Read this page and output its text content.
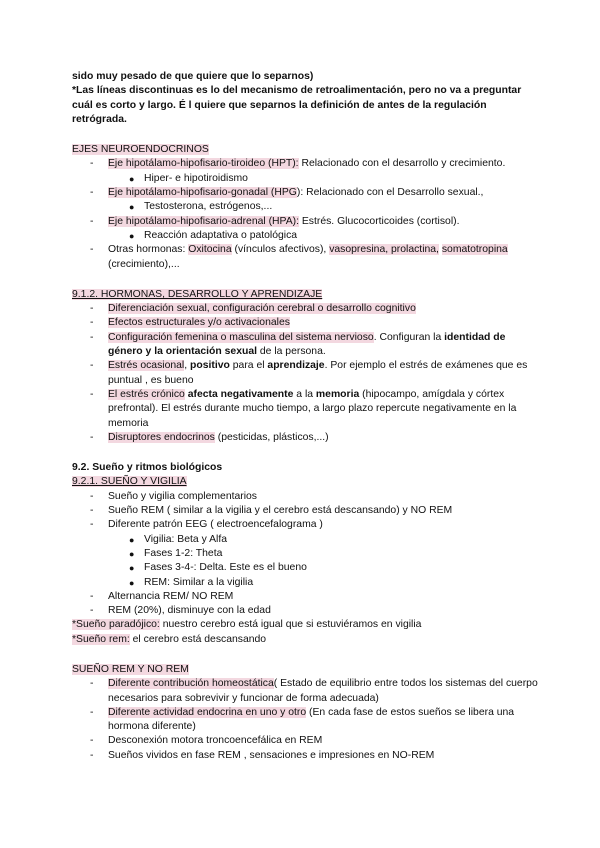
sido muy pesado de que quiere que lo separnos)

*Las líneas discontinuas es lo del mecanismo de retroalimentación, pero no va a preguntar cuál es corto y largo. É l quiere que separnos la definición de antes de la regulación retrógrada.

EJES NEUROENDOCRINOS

- Eje hipotálamo-hipofisario-tiroideo (HPT): Relacionado con el desarrollo y crecimiento.
● Hiper- e hipotiroidismo
- Eje hipotálamo-hipofisario-gonadal (HPG): Relacionado con el Desarrollo sexual.,
● Testosterona, estrógenos,...
- Eje hipotálamo-hipofisario-adrenal (HPA): Estrés. Glucocorticoides (cortisol).
● Reacción adaptativa o patológica
- Otras hormonas: Oxitocina (vínculos afectivos), vasopresina, prolactina, somatotropina (crecimiento),...

9.1.2. HORMONAS, DESARROLLO Y APRENDIZAJE

- Diferenciación sexual, configuración cerebral o desarrollo cognitivo
- Efectos estructurales y/o activacionales
- Configuración femenina o masculina del sistema nervioso. Configuran la identidad de género y la orientación sexual de la persona.
- Estrés ocasional, positivo para el aprendizaje. Por ejemplo el estrés de exámenes que es puntual , es bueno
- El estrés crónico afecta negativamente a la memoria (hipocampo, amígdala y córtex prefrontal). El estrés durante mucho tiempo, a largo plazo repercute negativamente en la memoria
- Disruptores endocrinos (pesticidas, plásticos,...)

9.2. Sueño y ritmos biológicos

9.2.1. SUEÑO Y VIGILIA

- Sueño y vigilia complementarios
- Sueño REM ( similar a la vigilia y el cerebro está descansando) y NO REM
- Diferente patrón EEG ( electroencefalograma )
● Vigilia: Beta y Alfa
● Fases 1-2: Theta
● Fases 3-4-: Delta. Este es el bueno
● REM: Similar a la vigilia
- Alternancia REM/ NO REM
- REM (20%), disminuye con la edad

*Sueño paradójico: nuestro cerebro está igual que si estuviéramos en vigilia

*Sueño rem: el cerebro está descansando

SUEÑO REM Y NO REM

- Diferente contribución homeostática( Estado de equilibrio entre todos los sistemas del cuerpo necesarios para sobrevivir y funcionar de forma adecuada)
- Diferente actividad endocrina en uno y otro (En cada fase de estos sueños se libera una hormona diferente)
- Desconexión motora troncoencefálica en REM
- Sueños vividos en fase REM , sensaciones e impresiones en NO-REM
